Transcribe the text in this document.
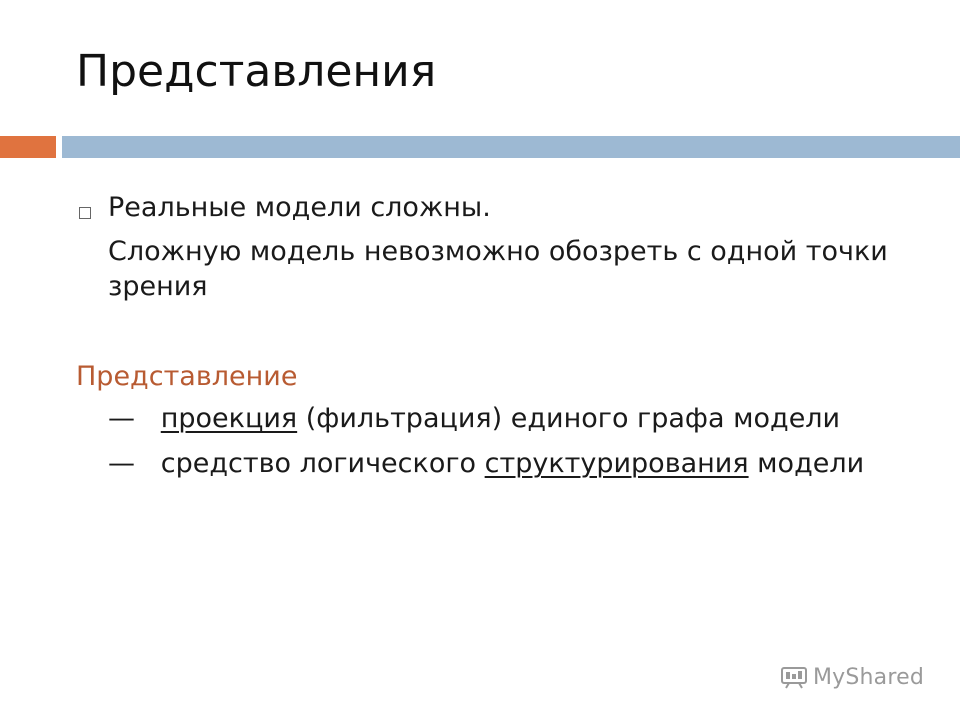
Представления
Реальные модели сложны.
Сложную модель невозможно обозреть с одной точки зрения
Представление
— проекция (фильтрация) единого графа модели
— средство логического структурирования модели
MyShared
